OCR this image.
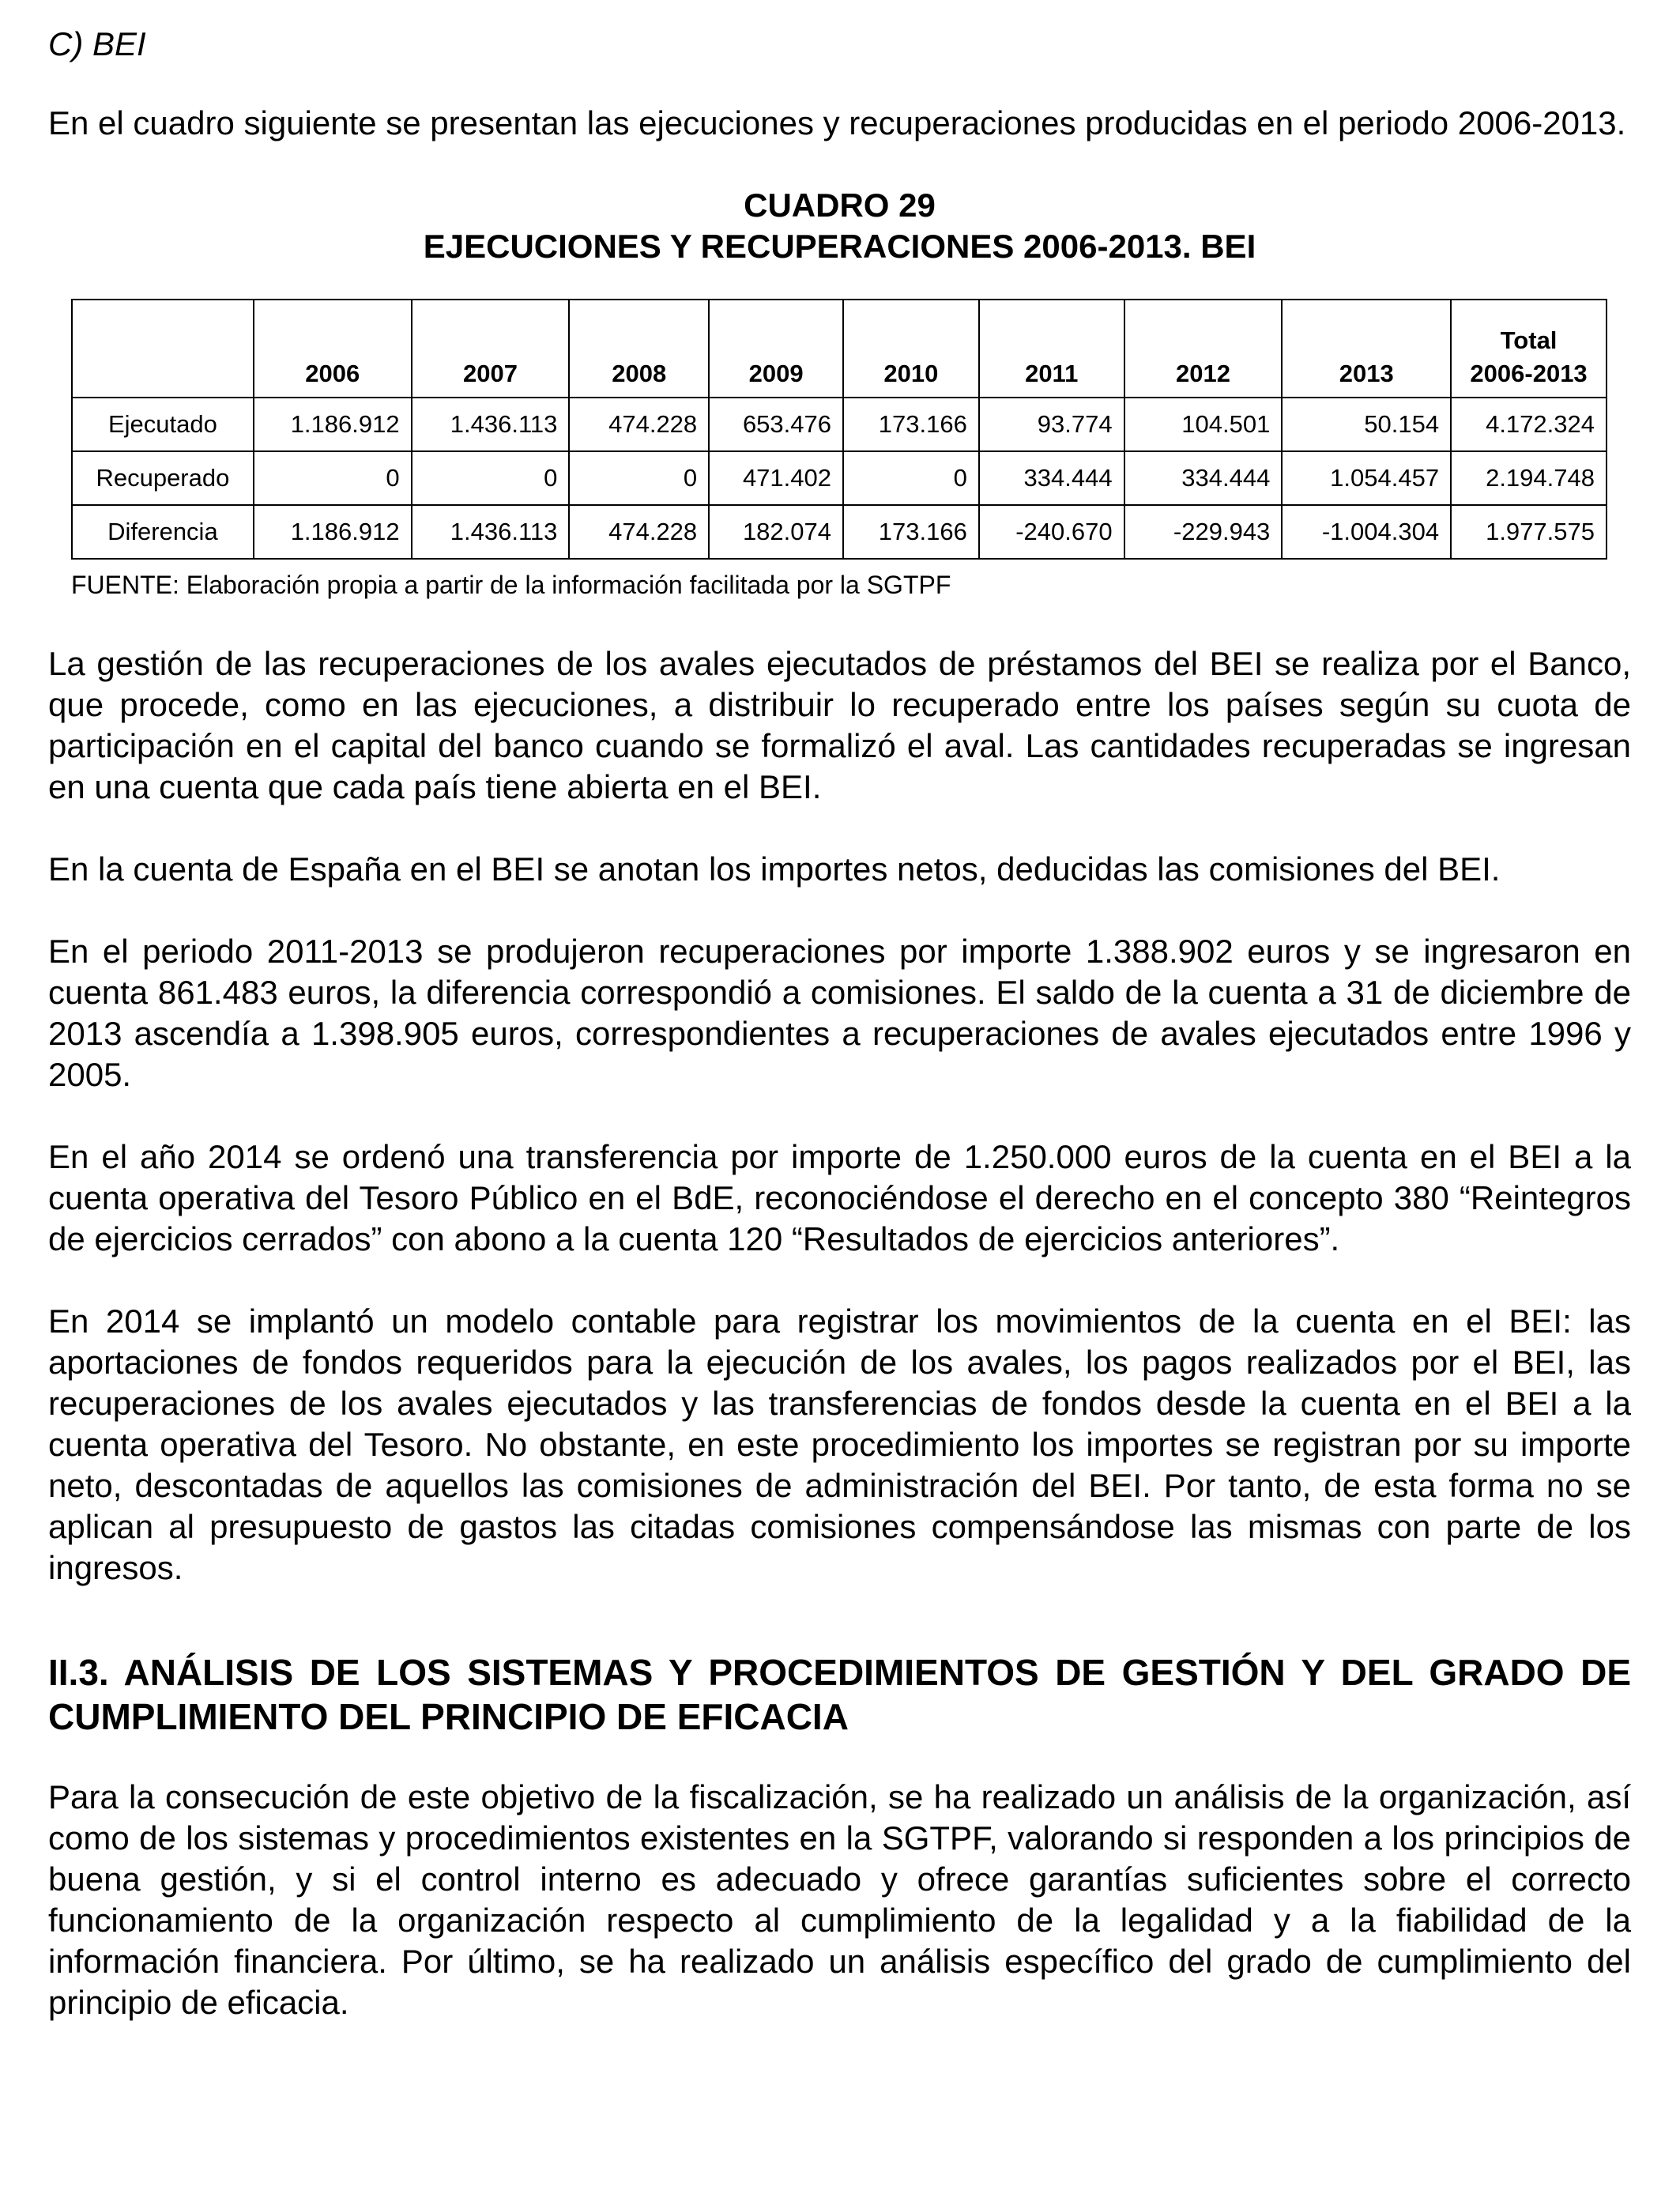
C) BEI

En el cuadro siguiente se presentan las ejecuciones y recuperaciones producidas en el periodo 2006-2013.

CUADRO 29
EJECUCIONES Y RECUPERACIONES 2006-2013. BEI
	2006	2007	2008	2009	2010	2011	2012	2013	Total
2006-2013

Ejecutado	1.186.912	1.436.113	474.228	653.476	173.166	93.774	104.501	50.154	4.172.324
Recuperado	0	0	0	471.402	0	334.444	334.444	1.054.457	2.194.748
Diferencia	1.186.912	1.436.113	474.228	182.074	173.166	-240.670	-229.943	-1.004.304	1.977.575
FUENTE: Elaboración propia a partir de la información facilitada por la SGTPF

La gestión de las recuperaciones de los avales ejecutados de préstamos del BEI se realiza por el Banco, que procede, como en las ejecuciones, a distribuir lo recuperado entre los países según su cuota de participación en el capital del banco cuando se formalizó el aval. Las cantidades recuperadas se ingresan en una cuenta que cada país tiene abierta en el BEI.

En la cuenta de España en el BEI se anotan los importes netos, deducidas las comisiones del BEI.

En el periodo 2011-2013 se produjeron recuperaciones por importe 1.388.902 euros y se ingresaron en cuenta 861.483 euros, la diferencia correspondió a comisiones. El saldo de la cuenta a 31 de diciembre de 2013 ascendía a 1.398.905 euros, correspondientes a recuperaciones de avales ejecutados entre 1996 y 2005.

En el año 2014 se ordenó una transferencia por importe de 1.250.000 euros de la cuenta en el BEI a la cuenta operativa del Tesoro Público en el BdE, reconociéndose el derecho en el concepto 380 “Reintegros de ejercicios cerrados” con abono a la cuenta 120 “Resultados de ejercicios anteriores”.

En 2014 se implantó un modelo contable para registrar los movimientos de la cuenta en el BEI: las aportaciones de fondos requeridos para la ejecución de los avales, los pagos realizados por el BEI, las recuperaciones de los avales ejecutados y las transferencias de fondos desde la cuenta en el BEI a la cuenta operativa del Tesoro. No obstante, en este procedimiento los importes se registran por su importe neto, descontadas de aquellos las comisiones de administración del BEI. Por tanto, de esta forma no se aplican al presupuesto de gastos las citadas comisiones compensándose las mismas con parte de los ingresos.

II.3. ANÁLISIS DE LOS SISTEMAS Y PROCEDIMIENTOS DE GESTIÓN Y DEL GRADO DE CUMPLIMIENTO DEL PRINCIPIO DE EFICACIA

Para la consecución de este objetivo de la fiscalización, se ha realizado un análisis de la organización, así como de los sistemas y procedimientos existentes en la SGTPF, valorando si responden a los principios de buena gestión, y si el control interno es adecuado y ofrece garantías suficientes sobre el correcto funcionamiento de la organización respecto al cumplimiento de la legalidad y a la fiabilidad de la información financiera. Por último, se ha realizado un análisis específico del grado de cumplimiento del principio de eficacia.
